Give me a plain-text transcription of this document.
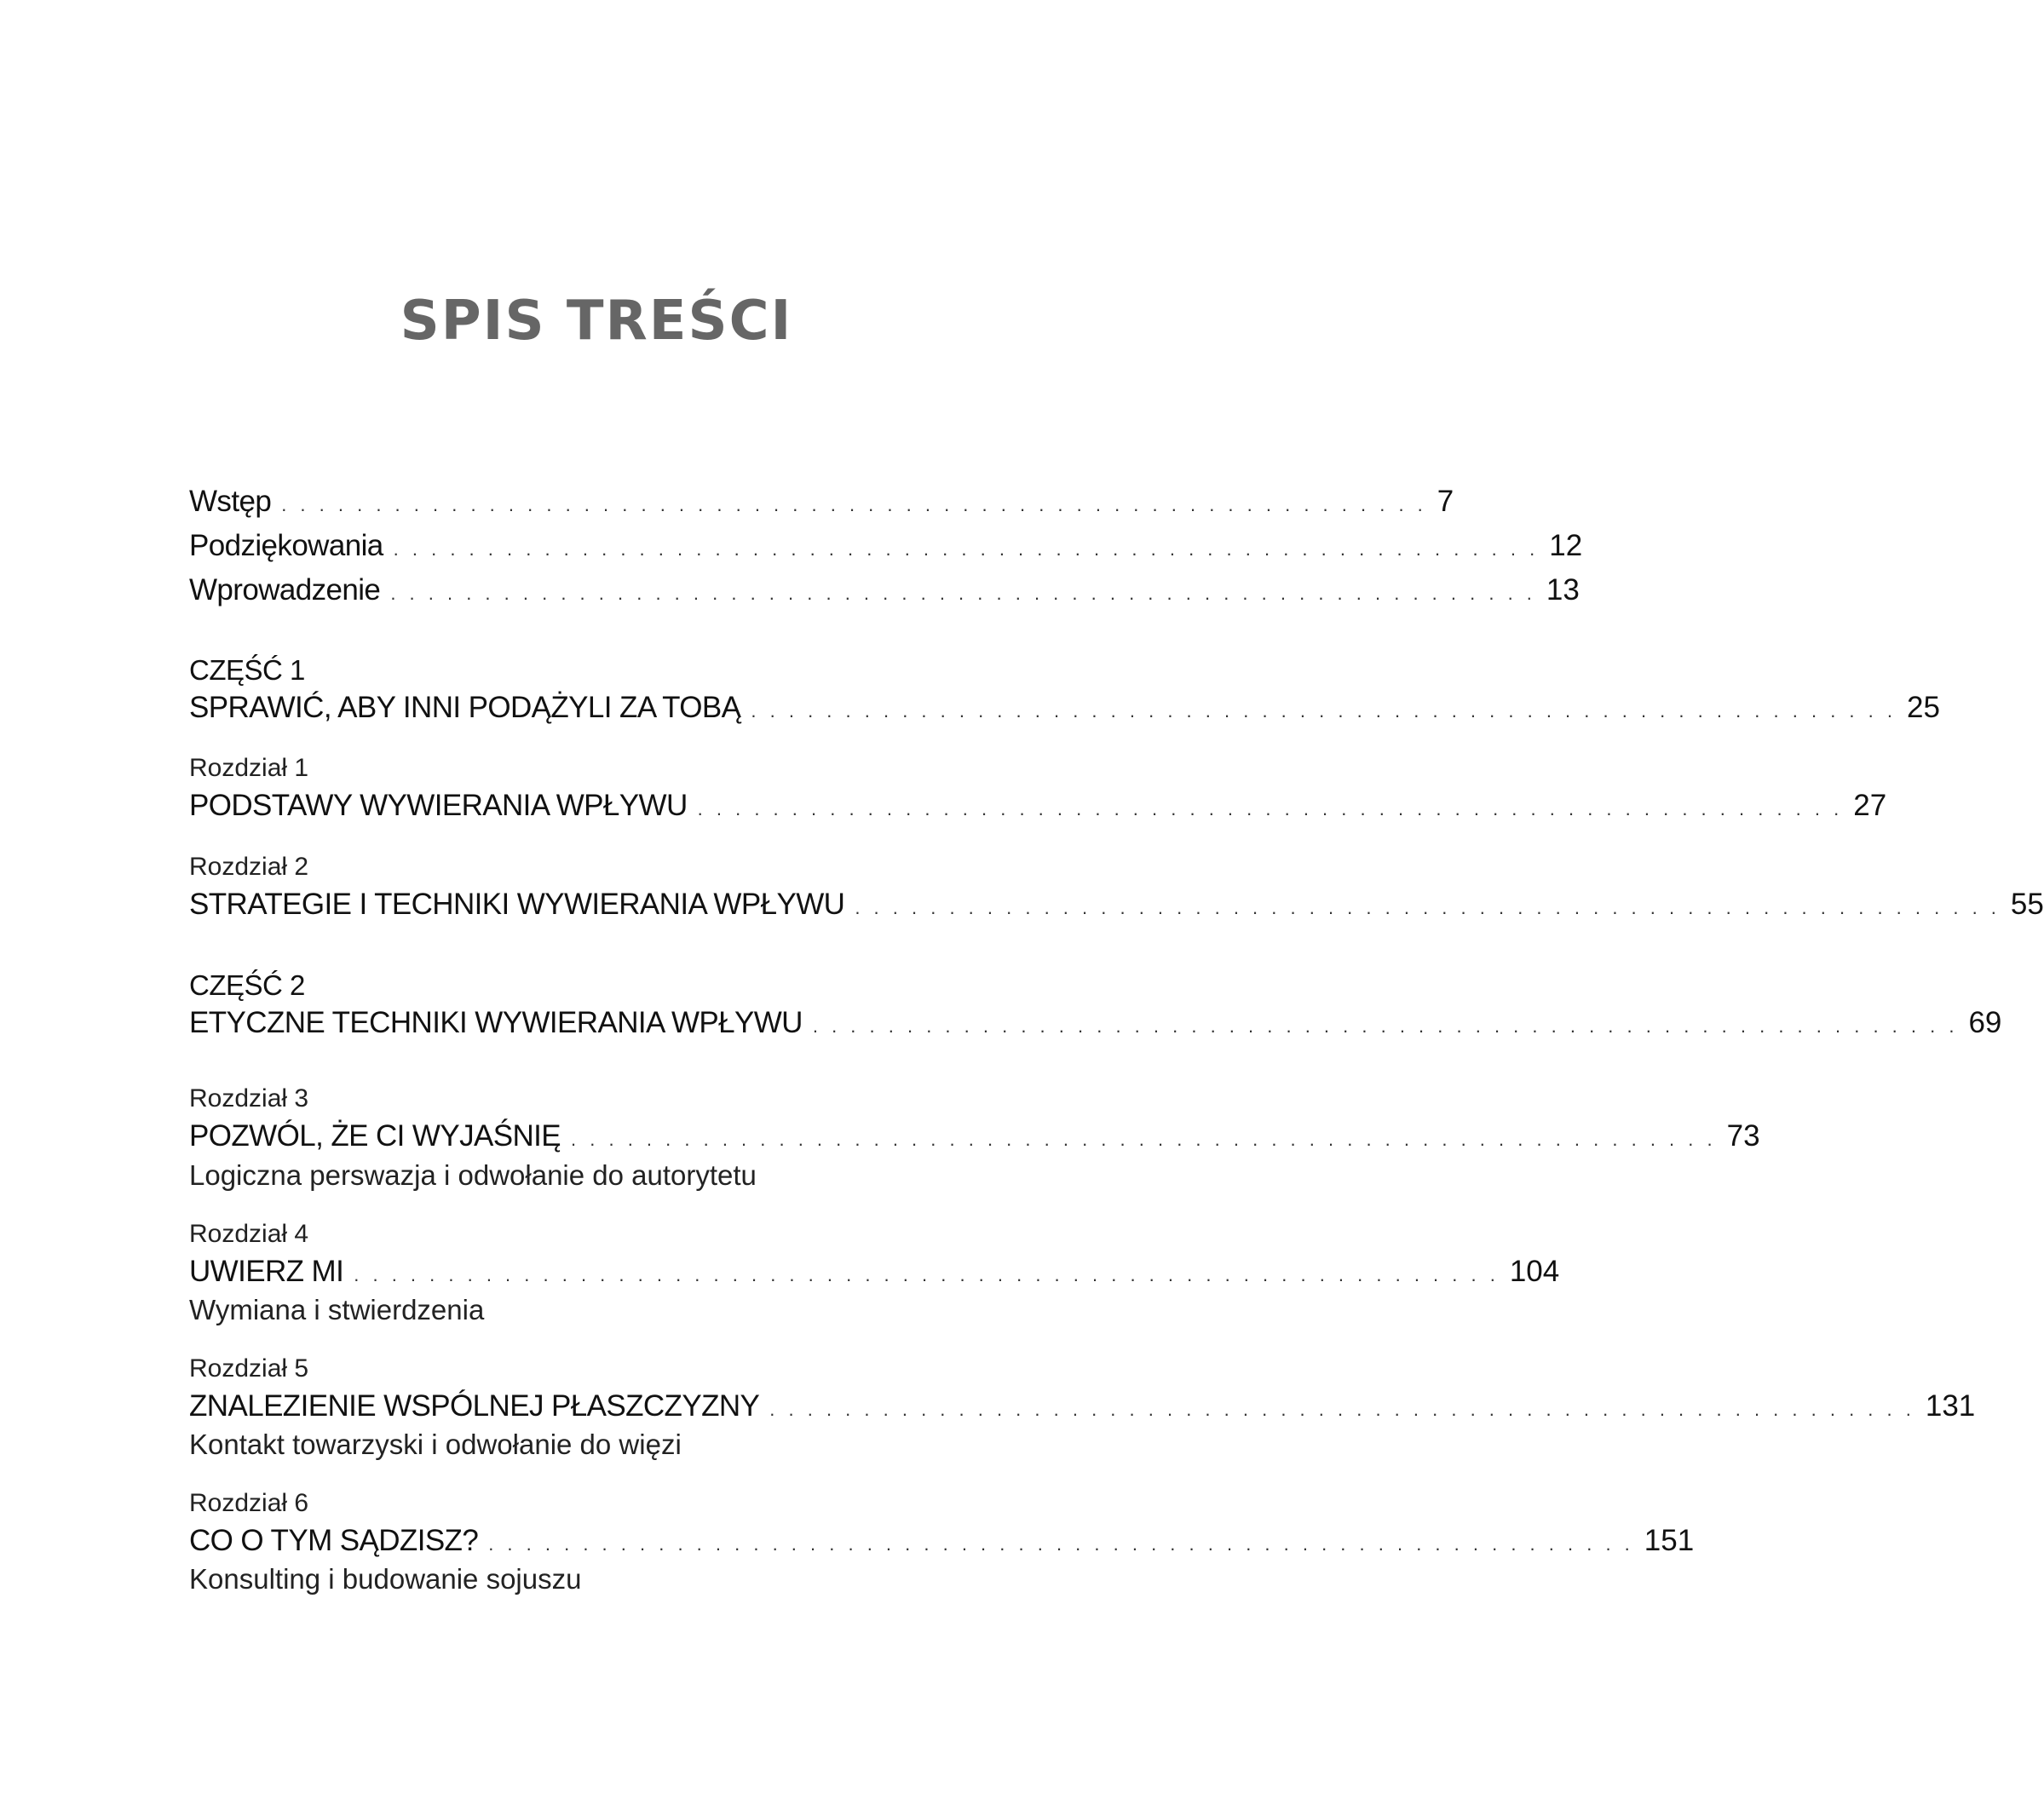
SPIS TREŚCI
Wstęp . . . . . . . . . . . . . . . . . . . . . . . . . . . . . . . . . . . . . . . . . . . . . . . . . . . . . . . . . . . . . 7
Podziękowania . . . . . . . . . . . . . . . . . . . . . . . . . . . . . . . . . . . . . . . . . . . . . . . . . . . . . . . . . . . . . 12
Wprowadzenie . . . . . . . . . . . . . . . . . . . . . . . . . . . . . . . . . . . . . . . . . . . . . . . . . . . . . . . . . . . . . 13
CZĘŚĆ 1
SPRAWIĆ, ABY INNI PODĄŻYLI ZA TOBĄ . . . . . . . . . . . . . . . . . . . . . . . . . . . . . . . . . . . . . . . . . . . . . . . . . . . . . . . . . . . . . 25
Rozdział 1
PODSTAWY WYWIERANIA WPŁYWU . . . . . . . . . . . . . . . . . . . . . . . . . . . . . . . . . . . . . . . . . . . . . . . . . . . . . . . . . . . . . 27
Rozdział 2
STRATEGIE I TECHNIKI WYWIERANIA WPŁYWU . . . . . . . . . . . . . . . . . . . . . . . . . . . . . . . . . . . . . . . . . . . . . . . . . . . . . . . . . . . . . 55
CZĘŚĆ 2
ETYCZNE TECHNIKI WYWIERANIA WPŁYWU . . . . . . . . . . . . . . . . . . . . . . . . . . . . . . . . . . . . . . . . . . . . . . . . . . . . . . . . . . . . . 69
Rozdział 3
POZWÓL, ŻE CI WYJAŚNIĘ . . . . . . . . . . . . . . . . . . . . . . . . . . . . . . . . . . . . . . . . . . . . . . . . . . . . . . . . . . . . . 73
Logiczna perswazja i odwołanie do autorytetu
Rozdział 4
UWIERZ MI . . . . . . . . . . . . . . . . . . . . . . . . . . . . . . . . . . . . . . . . . . . . . . . . . . . . . . . . . . . . . 104
Wymiana i stwierdzenia
Rozdział 5
ZNALEZIENIE WSPÓLNEJ PŁASZCZYZNY . . . . . . . . . . . . . . . . . . . . . . . . . . . . . . . . . . . . . . . . . . . . . . . . . . . . . . . . . . . . . 131
Kontakt towarzyski i odwołanie do więzi
Rozdział 6
CO O TYM SĄDZISZ? . . . . . . . . . . . . . . . . . . . . . . . . . . . . . . . . . . . . . . . . . . . . . . . . . . . . . . . . . . . . . 151
Konsulting i budowanie sojuszu
